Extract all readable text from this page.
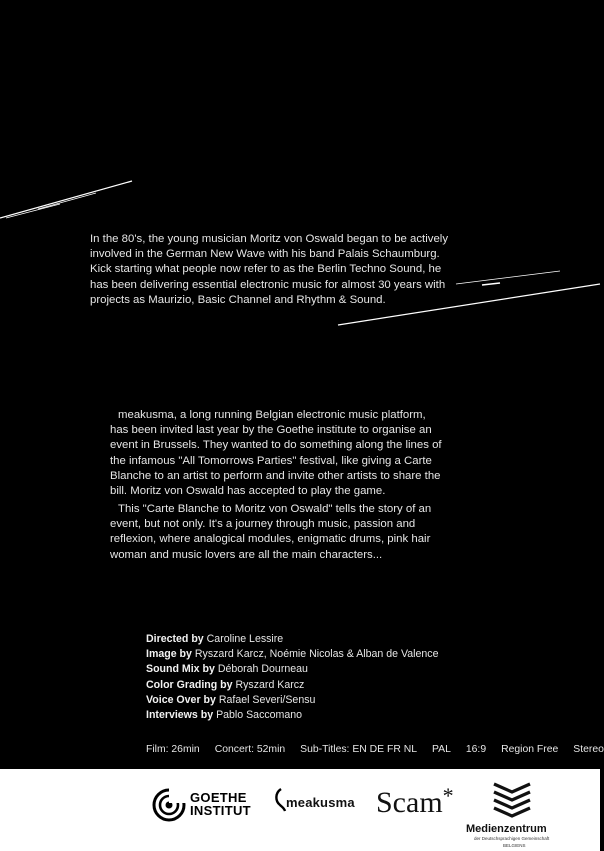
In the 80's, the young musician Moritz von Oswald began to be actively
involved in the German New Wave with his band Palais Schaumburg.
Kick starting what people now refer to as the Berlin Techno Sound, he
has been delivering essential electronic music for almost 30 years with
projects as Maurizio, Basic Channel and Rhythm & Sound.
meakusma, a long running Belgian electronic music platform,
has been invited last year by the Goethe institute to organise an
event in Brussels. They wanted to do something along the lines of
the infamous "All Tomorrows Parties" festival, like giving a Carte
Blanche to an artist to perform and invite other artists to share the
bill. Moritz von Oswald has accepted to play the game.
This "Carte Blanche to Moritz von Oswald" tells the story of an
event, but not only. It's a journey through music, passion and
reflexion, where analogical modules, enigmatic drums, pink hair
woman and music lovers are all the main characters...
Directed by Caroline Lessire
Image by Ryszard Karcz, Noémie Nicolas & Alban de Valence
Sound Mix by Déborah Dourneau
Color Grading by Ryszard Karcz
Voice Over by Rafael Severi/Sensu
Interviews by Pablo Saccomano
Film: 26min Concert: 52min Sub-Titles: EN DE FR NL PAL 16:9 Region Free Stereo
GOETHE
INSTITUT
meakusma Scam*
Medienzentrum
der Deutschsprachigen Gemeinschaft
BELGIENS
